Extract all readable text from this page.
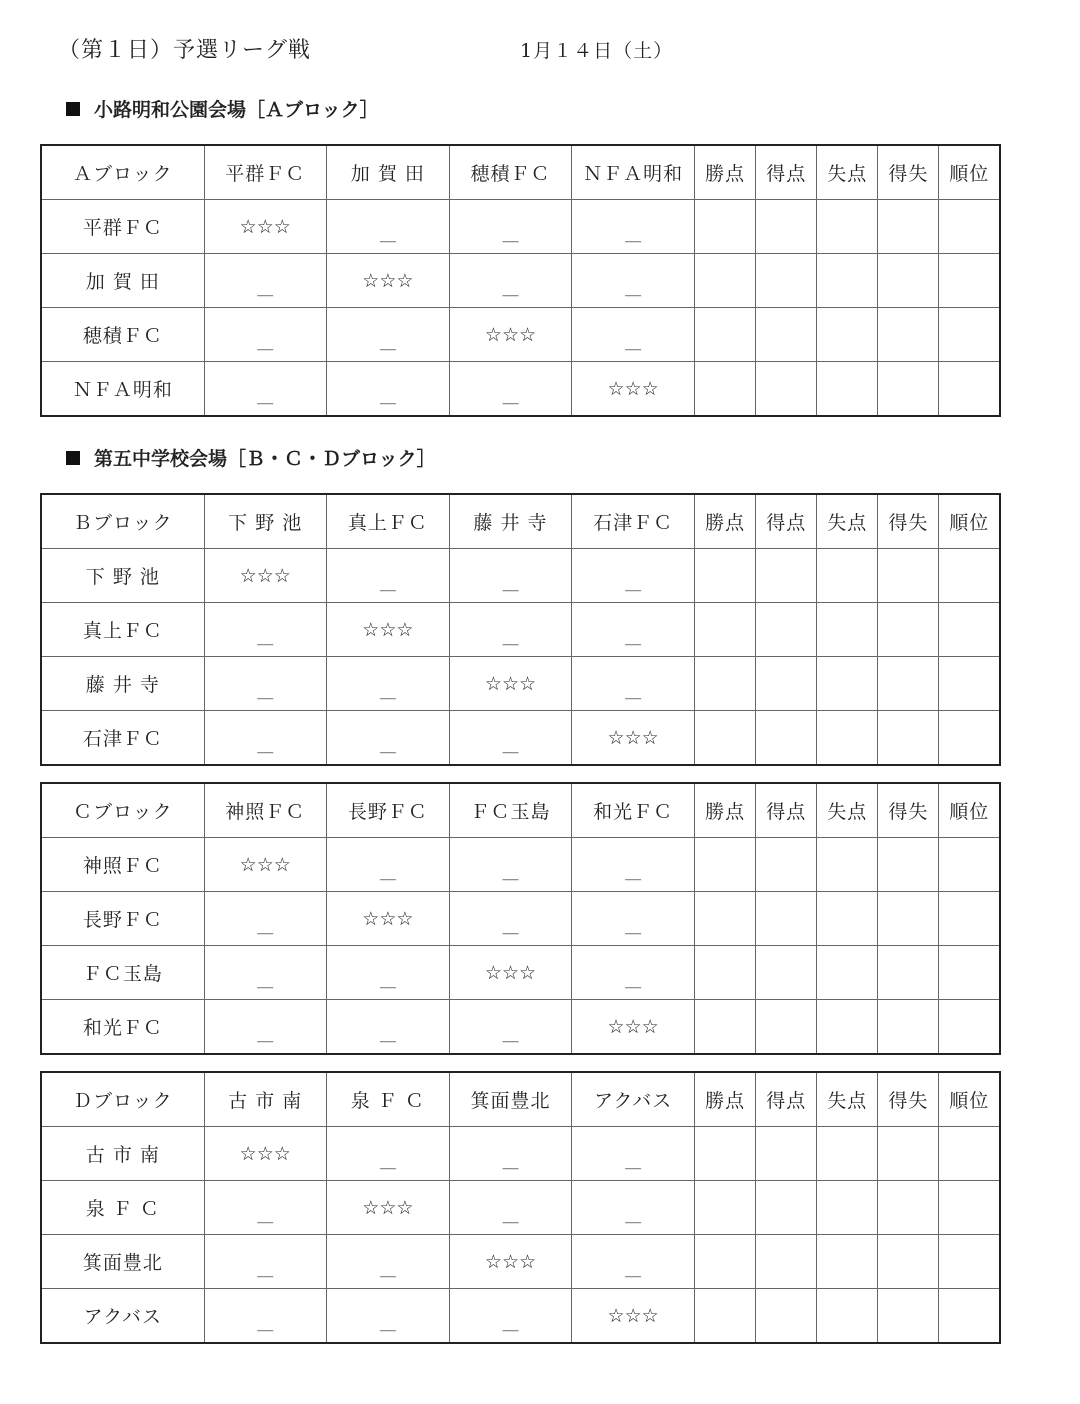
（第１日）予選リーグ戦	1月１４日（土）
小路明和公園会場［Ａブロック］
第五中学校会場［Ｂ・Ｃ・Ｄブロック］
Ａブロック	平群ＦＣ	加 賀 田	穂積ＦＣ	ＮＦＡ明和	勝点	得点	失点	得失	順位
平群ＦＣ	☆☆☆	＿	＿	＿					
加 賀 田	＿	☆☆☆	＿	＿					
穂積ＦＣ	＿	＿	☆☆☆	＿					
ＮＦＡ明和	＿	＿	＿	☆☆☆					
Ｂブロック	下 野 池	真上ＦＣ	藤 井 寺	石津ＦＣ	勝点	得点	失点	得失	順位
下 野 池	☆☆☆	＿	＿	＿					
真上ＦＣ	＿	☆☆☆	＿	＿					
藤 井 寺	＿	＿	☆☆☆	＿					
石津ＦＣ	＿	＿	＿	☆☆☆					
Ｃブロック	神照ＦＣ	長野ＦＣ	ＦＣ玉島	和光ＦＣ	勝点	得点	失点	得失	順位
神照ＦＣ	☆☆☆	＿	＿	＿					
長野ＦＣ	＿	☆☆☆	＿	＿					
ＦＣ玉島	＿	＿	☆☆☆	＿					
和光ＦＣ	＿	＿	＿	☆☆☆					
Ｄブロック	古 市 南	泉 Ｆ Ｃ	箕面豊北	アクバス	勝点	得点	失点	得失	順位
古 市 南	☆☆☆	＿	＿	＿					
泉 Ｆ Ｃ	＿	☆☆☆	＿	＿					
箕面豊北	＿	＿	☆☆☆	＿					
アクバス	＿	＿	＿	☆☆☆					
